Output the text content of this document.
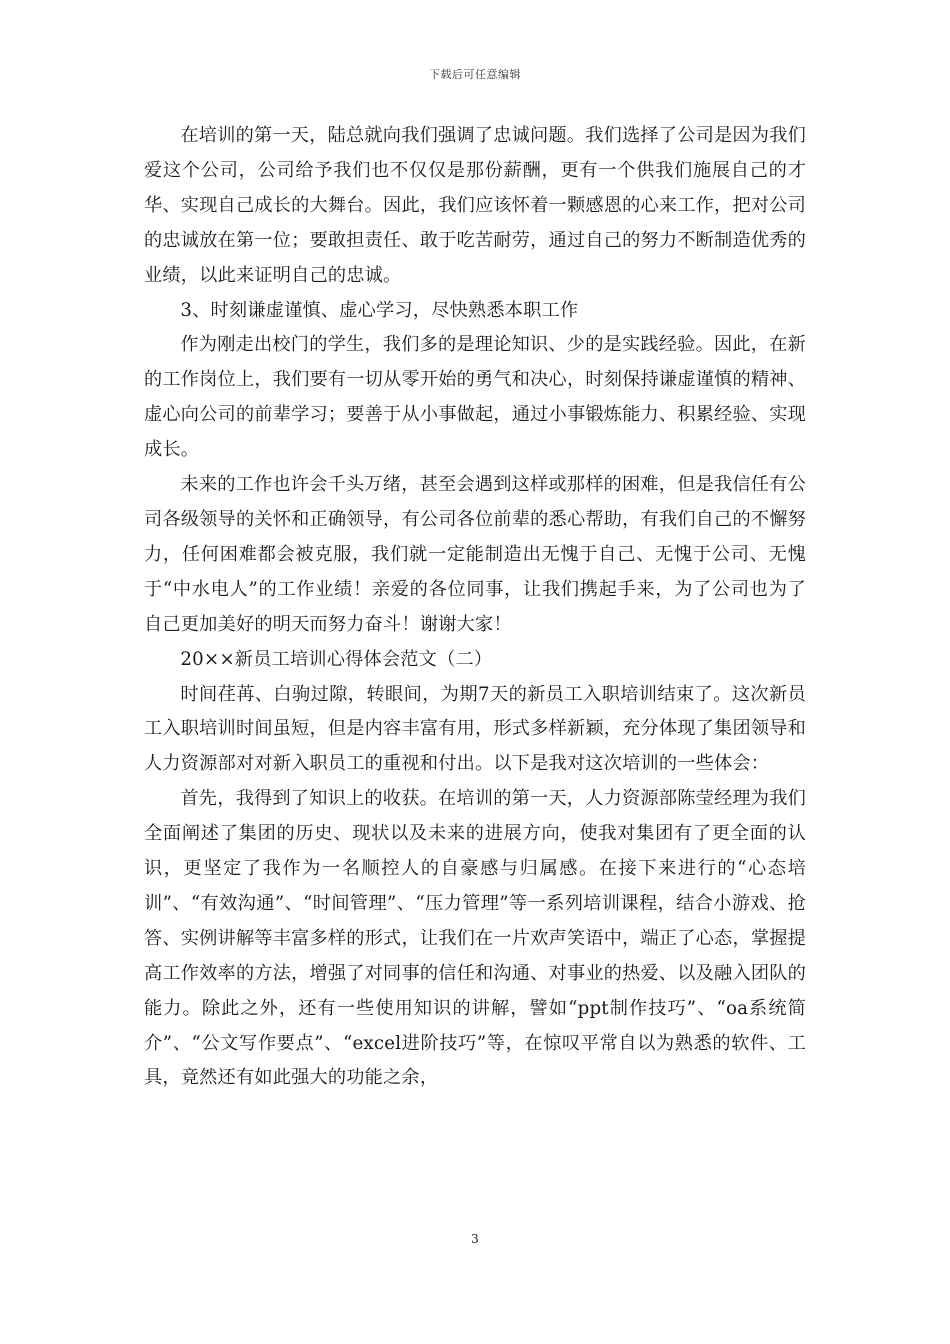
下载后可任意编辑

在培训的第一天，陆总就向我们强调了忠诚问题。我们选择了公司是因为我们爱这个公司，公司给予我们也不仅仅是那份薪酬，更有一个供我们施展自己的才华、实现自己成长的大舞台。因此，我们应该怀着一颗感恩的心来工作，把对公司的忠诚放在第一位；要敢担责任、敢于吃苦耐劳，通过自己的努力不断制造优秀的业绩，以此来证明自己的忠诚。

3、时刻谦虚谨慎、虚心学习，尽快熟悉本职工作

作为刚走出校门的学生，我们多的是理论知识、少的是实践经验。因此，在新的工作岗位上，我们要有一切从零开始的勇气和决心，时刻保持谦虚谨慎的精神、虚心向公司的前辈学习；要善于从小事做起，通过小事锻炼能力、积累经验、实现成长。

未来的工作也许会千头万绪，甚至会遇到这样或那样的困难，但是我信任有公司各级领导的关怀和正确领导，有公司各位前辈的悉心帮助，有我们自己的不懈努力，任何困难都会被克服，我们就一定能制造出无愧于自己、无愧于公司、无愧于“中水电人”的工作业绩！亲爱的各位同事，让我们携起手来，为了公司也为了自己更加美好的明天而努力奋斗！谢谢大家！

20××新员工培训心得体会范文（二）

时间荏苒、白驹过隙，转眼间，为期7天的新员工入职培训结束了。这次新员工入职培训时间虽短，但是内容丰富有用，形式多样新颖，充分体现了集团领导和人力资源部对对新入职员工的重视和付出。以下是我对这次培训的一些体会：

首先，我得到了知识上的收获。在培训的第一天，人力资源部陈莹经理为我们全面阐述了集团的历史、现状以及未来的进展方向，使我对集团有了更全面的认识，更坚定了我作为一名顺控人的自豪感与归属感。在接下来进行的“心态培训”、“有效沟通”、“时间管理”、“压力管理”等一系列培训课程，结合小游戏、抢答、实例讲解等丰富多样的形式，让我们在一片欢声笑语中，端正了心态，掌握提高工作效率的方法，增强了对同事的信任和沟通、对事业的热爱、以及融入团队的能力。除此之外，还有一些使用知识的讲解，譬如“ppt制作技巧”、“oa系统简介”、“公文写作要点”、“excel进阶技巧”等，在惊叹平常自以为熟悉的软件、工具，竟然还有如此强大的功能之余，

3
